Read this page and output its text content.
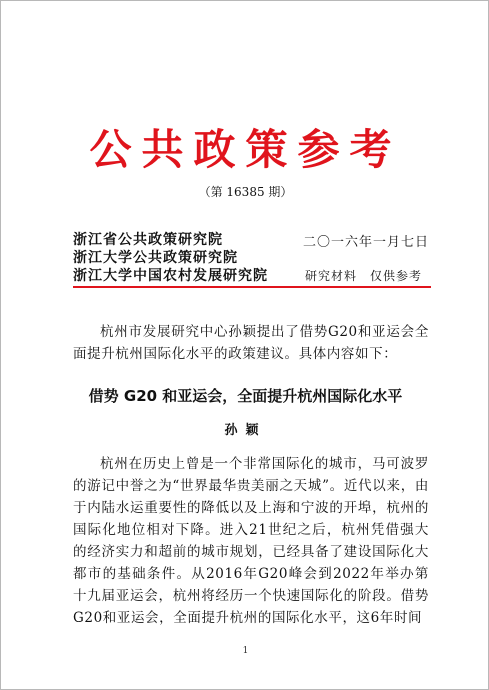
公共政策参考
（第 16385 期）
浙江省公共政策研究院
浙江大学公共政策研究院
浙江大学中国农村发展研究院
二〇一六年一月七日
研究材料　仅供参考

杭州市发展研究中心孙颖提出了借势G20和亚运会全面提升杭州国际化水平的政策建议。具体内容如下：

借势 G20 和亚运会，全面提升杭州国际化水平
孙颖

杭州在历史上曾是一个非常国际化的城市，马可波罗的游记中誉之为“世界最华贵美丽之天城”。近代以来，由于内陆水运重要性的降低以及上海和宁波的开埠，杭州的国际化地位相对下降。进入21世纪之后，杭州凭借强大的经济实力和超前的城市规划，已经具备了建设国际化大都市的基础条件。从2016年G20峰会到2022年举办第十九届亚运会，杭州将经历一个快速国际化的阶段。借势G20和亚运会，全面提升杭州的国际化水平，这6年时间

1
